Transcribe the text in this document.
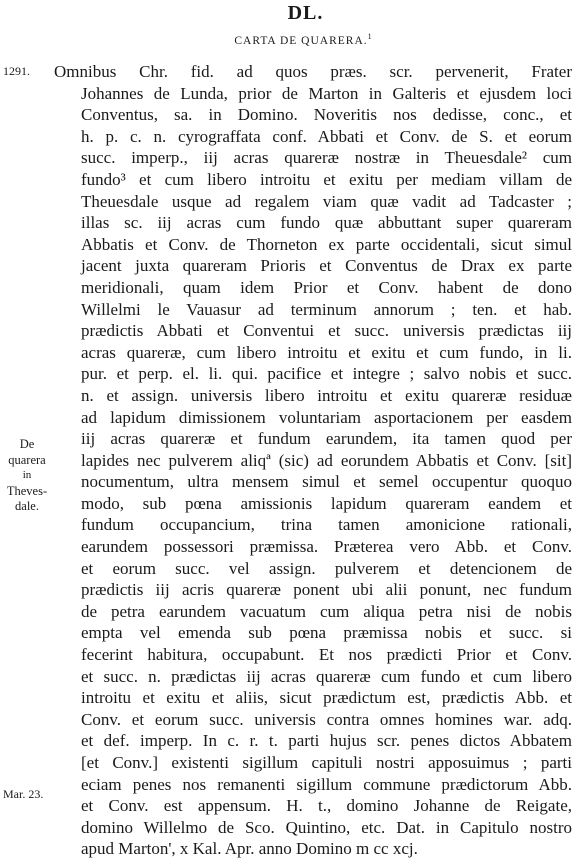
DL.
CARTA DE QUARERA.$^1$
1291.
De
quarera
in
Theves-
dale.
Mar. 23.
Omnibus Chr. fid. ad quos præs. scr. pervenerit, Frater
Johannes de Lunda, prior de Marton in Galteris et ejusdem loci
Conventus, sa. in Domino. Noveritis nos dedisse, conc., et
h. p. c. n. cyrograffata conf. Abbati et Conv. de S. et eorum
succ. imperp., iij acras quareræ nostræ in Theuesdale² cum
fundo³ et cum libero introitu et exitu per mediam villam de
Theuesdale usque ad regalem viam quæ vadit ad Tadcaster ;
illas sc. iij acras cum fundo quæ abbuttant super quareram
Abbatis et Conv. de Thorneton ex parte occidentali, sicut simul
jacent juxta quareram Prioris et Conventus de Drax ex parte
meridionali, quam idem Prior et Conv. habent de dono
Willelmi le Vauasur ad terminum annorum ; ten. et hab.
prædictis Abbati et Conventui et succ. universis prædictas iij
acras quareræ, cum libero introitu et exitu et cum fundo, in li.
pur. et perp. el. li. qui. pacifice et integre ; salvo nobis et succ.
n. et assign. universis libero introitu et exitu quareræ residuæ
ad lapidum dimissionem voluntariam asportacionem per easdem
iij acras quareræ et fundum earundem, ita tamen quod per
lapides nec pulverem aliqª (sic) ad eorundem Abbatis et Conv. [sit]
nocumentum, ultra mensem simul et semel occupentur quoquo
modo, sub pœna amissionis lapidum quareram eandem et
fundum occupancium, trina tamen amonicione rationali,
earundem possessori præmissa. Præterea vero Abb. et Conv.
et eorum succ. vel assign. pulverem et detencionem de
prædictis iij acris quareræ ponent ubi alii ponunt, nec fundum
de petra earundem vacuatum cum aliqua petra nisi de nobis
empta vel emenda sub pœna præmissa nobis et succ. si
fecerint habitura, occupabunt. Et nos prædicti Prior et Conv.
et succ. n. prædictas iij acras quareræ cum fundo et cum libero
introitu et exitu et aliis, sicut prædictum est, prædictis Abb. et
Conv. et eorum succ. universis contra omnes homines war. adq.
et def. imperp. In c. r. t. parti hujus scr. penes dictos Abbatem
[et Conv.] existenti sigillum capituli nostri apposuimus ; parti
eciam penes nos remanenti sigillum commune prædictorum Abb.
et Conv. est appensum. H. t., domino Johanne de Reigate,
domino Willelmo de Sco. Quintino, etc. Dat. in Capitulo nostro
apud Marton', x Kal. Apr. anno Domino m cc xcj.
